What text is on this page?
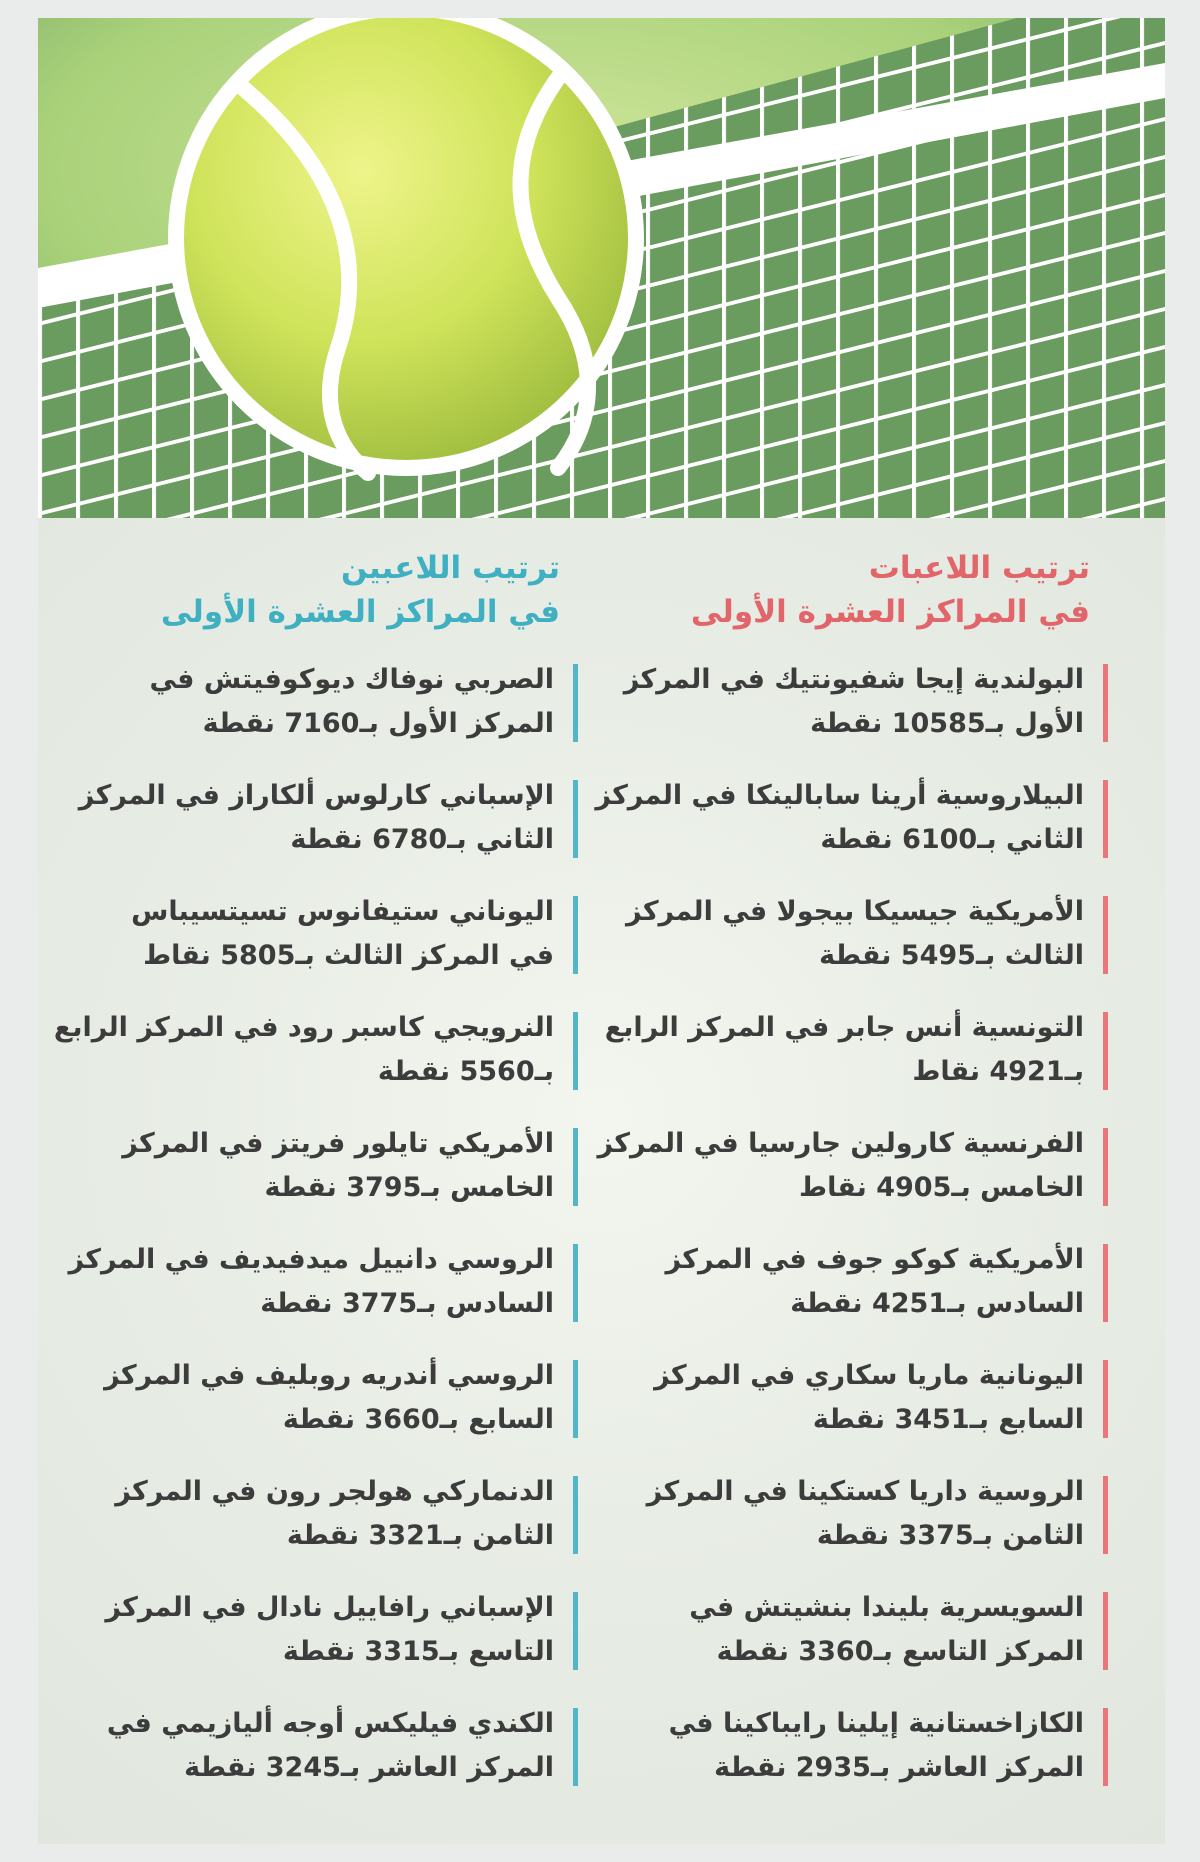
ترتيب اللاعبات
في المراكز العشرة الأولى
البولندية إيجا شفيونتيك في المركز
الأول بـ10585 نقطة
البيلاروسية أرينا سابالينكا في المركز
الثاني بـ6100 نقطة
الأمريكية جيسيكا بيجولا في المركز
الثالث بـ5495 نقطة
التونسية أنس جابر في المركز الرابع
بـ4921 نقاط
الفرنسية كارولين جارسيا في المركز
الخامس بـ4905 نقاط
الأمريكية كوكو جوف في المركز
السادس بـ4251 نقطة
اليونانية ماريا سكاري في المركز
السابع بـ3451 نقطة
الروسية داريا كستكينا في المركز
الثامن بـ3375 نقطة
السويسرية بليندا بنشيتش في
المركز التاسع بـ3360 نقطة
الكازاخستانية إيلينا رايباكينا في
المركز العاشر بـ2935 نقطة
ترتيب اللاعبين
في المراكز العشرة الأولى
الصربي نوفاك ديوكوفيتش في
المركز الأول بـ7160 نقطة
الإسباني كارلوس ألكاراز في المركز
الثاني بـ6780 نقطة
اليوناني ستيفانوس تسيتسيباس
في المركز الثالث بـ5805 نقاط
النرويجي كاسبر رود في المركز الرابع
بـ5560 نقطة
الأمريكي تايلور فريتز في المركز
الخامس بـ3795 نقطة
الروسي دانييل ميدفيديف في المركز
السادس بـ3775 نقطة
الروسي أندريه روبليف في المركز
السابع بـ3660 نقطة
الدنماركي هولجر رون في المركز
الثامن بـ3321 نقطة
الإسباني رافاييل نادال في المركز
التاسع بـ3315 نقطة
الكندي فيليكس أوجه أليازيمي في
المركز العاشر بـ3245 نقطة
